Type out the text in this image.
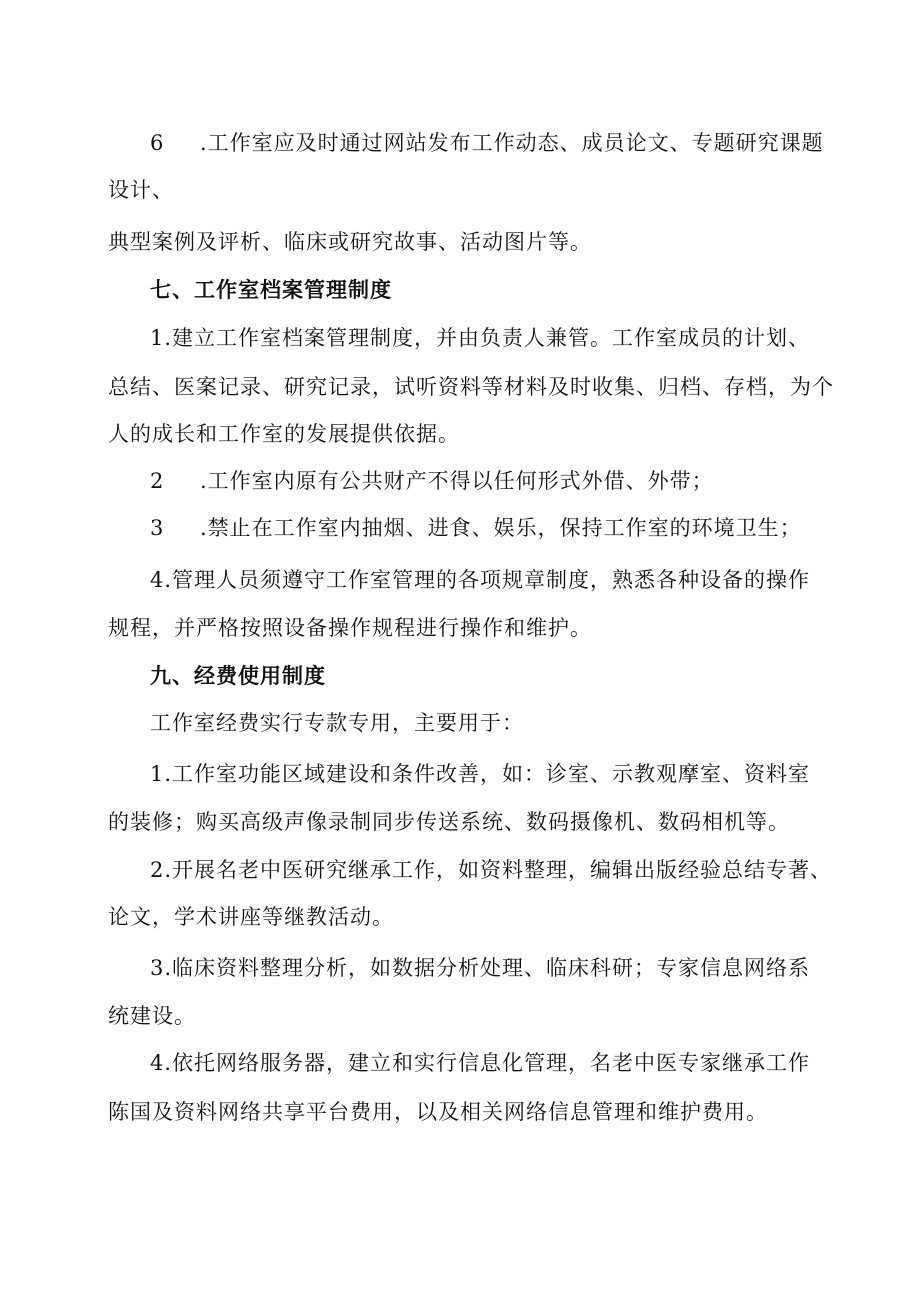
6 .工作室应及时通过网站发布工作动态、成员论文、专题研究课题
设计、
典型案例及评析、临床或研究故事、活动图片等。
七、工作室档案管理制度
1.建立工作室档案管理制度，并由负责人兼管。工作室成员的计划、
总结、医案记录、研究记录，试听资料等材料及时收集、归档、存档，为个
人的成长和工作室的发展提供依据。
2 .工作室内原有公共财产不得以任何形式外借、外带；
3 .禁止在工作室内抽烟、进食、娱乐，保持工作室的环境卫生；
4.管理人员须遵守工作室管理的各项规章制度，熟悉各种设备的操作
规程，并严格按照设备操作规程进行操作和维护。
九、经费使用制度
工作室经费实行专款专用，主要用于：
1.工作室功能区域建设和条件改善，如：诊室、示教观摩室、资料室
的装修；购买高级声像录制同步传送系统、数码摄像机、数码相机等。
2.开展名老中医研究继承工作，如资料整理，编辑出版经验总结专著、
论文，学术讲座等继教活动。
3.临床资料整理分析，如数据分析处理、临床科研；专家信息网络系
统建设。
4.依托网络服务器，建立和实行信息化管理，名老中医专家继承工作
陈国及资料网络共享平台费用，以及相关网络信息管理和维护费用。
